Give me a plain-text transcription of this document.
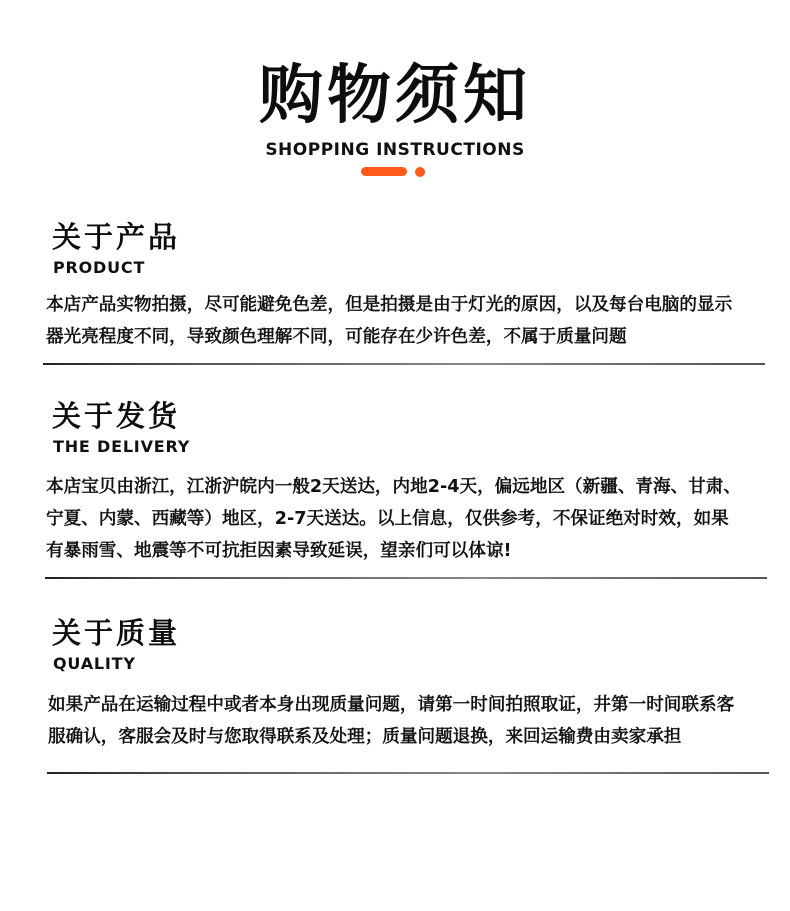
购物须知
SHOPPING INSTRUCTIONS
关于产品
PRODUCT
本店产品实物拍摄，尽可能避免色差，但是拍摄是由于灯光的原因，以及每台电脑的显示
器光亮程度不同，导致颜色理解不同，可能存在少许色差，不属于质量问题
关于发货
THE DELIVERY
本店宝贝由浙江，江浙沪皖内一般2天送达，内地2-4天，偏远地区（新疆、青海、甘肃、
宁夏、内蒙、西藏等）地区，2-7天送达。以上信息，仅供参考，不保证绝对时效，如果
有暴雨雪、地震等不可抗拒因素导致延误，望亲们可以体谅!
关于质量
QUALITY
如果产品在运输过程中或者本身出现质量问题，请第一时间拍照取证，井第一时间联系客
服确认，客服会及时与您取得联系及处理；质量问题退换，来回运输费由卖家承担
